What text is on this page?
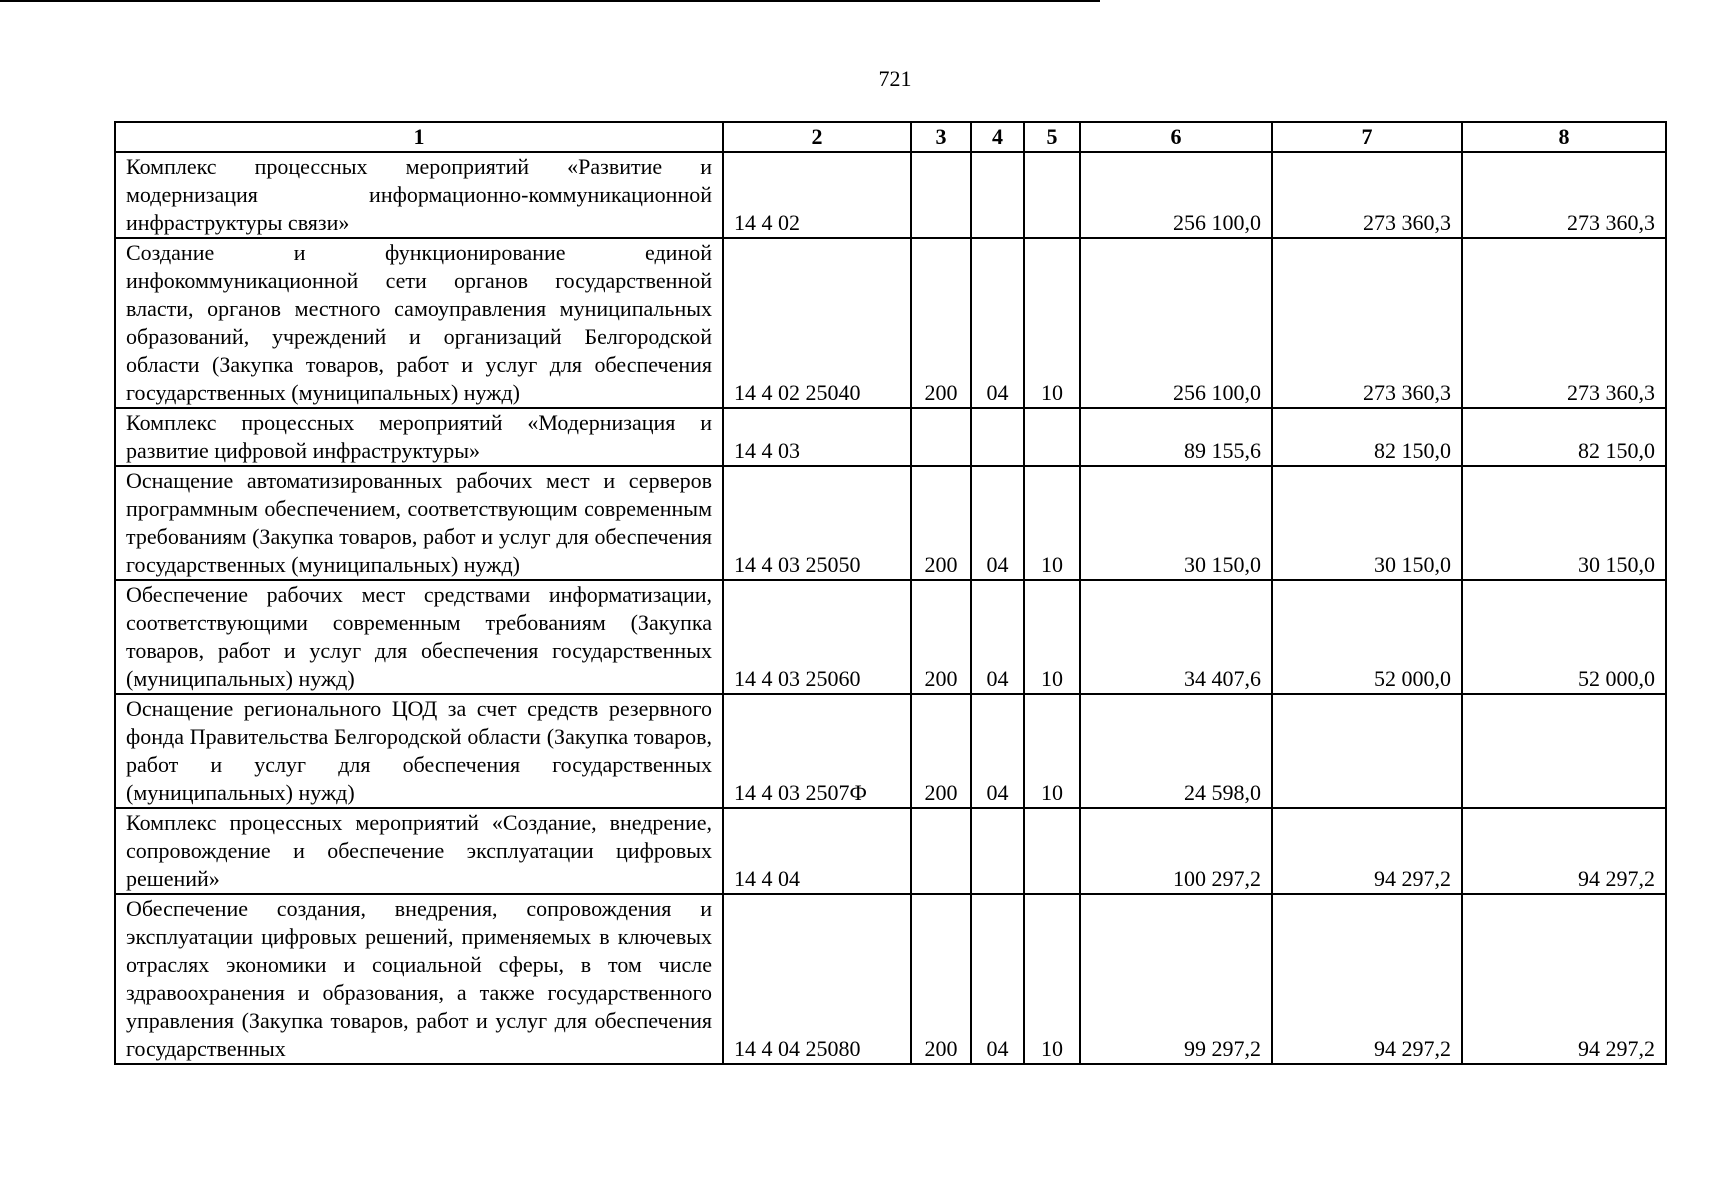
721
1	2	3	4	5	6	7	8
Комплекс процессных мероприятий «Развитие и модернизация информационно-коммуникационной инфраструктуры связи»	14 4 02				256 100,0	273 360,3	273 360,3
Создание и функционирование единой инфокоммуникационной сети органов государственной власти, органов местного самоуправления муниципальных образований, учреждений и организаций Белгородской области (Закупка товаров, работ и услуг для обеспечения государственных (муниципальных) нужд)	14 4 02 25040	200	04	10	256 100,0	273 360,3	273 360,3
Комплекс процессных мероприятий «Модернизация и развитие цифровой инфраструктуры»	14 4 03				89 155,6	82 150,0	82 150,0
Оснащение автоматизированных рабочих мест и серверов программным обеспечением, соответствующим современным требованиям (Закупка товаров, работ и услуг для обеспечения государственных (муниципальных) нужд)	14 4 03 25050	200	04	10	30 150,0	30 150,0	30 150,0
Обеспечение рабочих мест средствами информатизации, соответствующими современным требованиям (Закупка товаров, работ и услуг для обеспечения государственных (муниципальных) нужд)	14 4 03 25060	200	04	10	34 407,6	52 000,0	52 000,0
Оснащение регионального ЦОД за счет средств резервного фонда Правительства Белгородской области (Закупка товаров, работ и услуг для обеспечения государственных (муниципальных) нужд)	14 4 03 2507Ф	200	04	10	24 598,0		
Комплекс процессных мероприятий «Создание, внедрение, сопровождение и обеспечение эксплуатации цифровых решений»	14 4 04				100 297,2	94 297,2	94 297,2
Обеспечение создания, внедрения, сопровождения и эксплуатации цифровых решений, применяемых в ключевых отраслях экономики и социальной сферы, в том числе здравоохранения и образования, а также государственного управления (Закупка товаров, работ и услуг для обеспечения государственных	14 4 04 25080	200	04	10	99 297,2	94 297,2	94 297,2
